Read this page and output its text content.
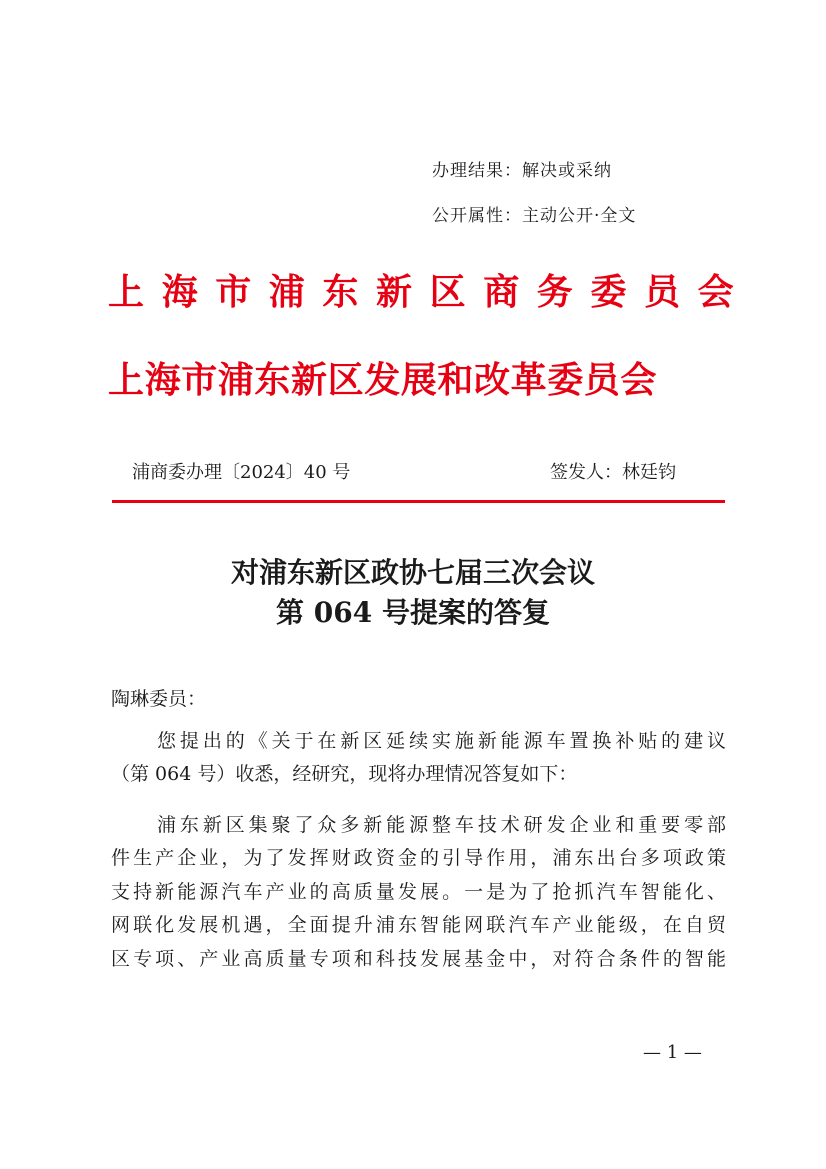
办理结果：解决或采纳
公开属性：主动公开·全文
上海市浦东新区商务委员会
上海市浦东新区发展和改革委员会
浦商委办理〔2024〕40 号	签发人：林廷钧
对浦东新区政协七届三次会议
第 064 号提案的答复
陶琳委员：
您提出的《关于在新区延续实施新能源车置换补贴的建议
（第 064 号）收悉，经研究，现将办理情况答复如下：
浦东新区集聚了众多新能源整车技术研发企业和重要零部
件生产企业，为了发挥财政资金的引导作用，浦东出台多项政策
支持新能源汽车产业的高质量发展。一是为了抢抓汽车智能化、
网联化发展机遇，全面提升浦东智能网联汽车产业能级，在自贸
区专项、产业高质量专项和科技发展基金中，对符合条件的智能
— 1 —
